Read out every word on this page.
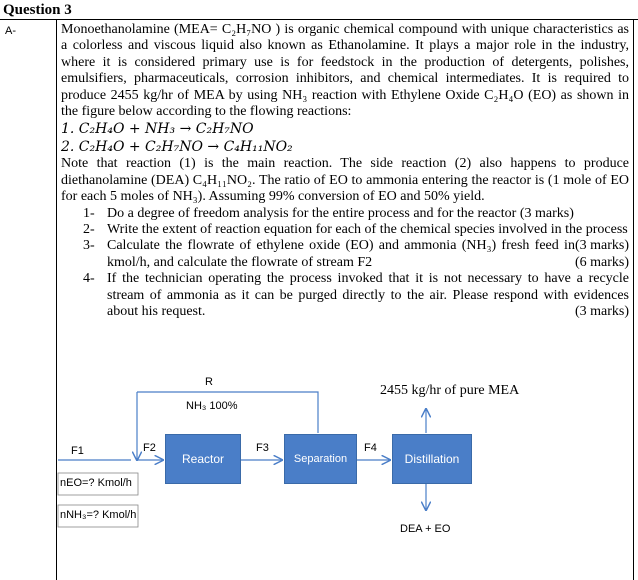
Question 3
A-	Monoethanolamine (MEA= C₂H₇NO ) is organic chemical compound with unique characteristics as a colorless and viscous liquid also known as Ethanolamine. It plays a major role in the industry, where it is considered primary use is for feedstock in the production of detergents, polishes, emulsifiers, pharmaceuticals, corrosion inhibitors, and chemical intermediates. It is required to produce 2455 kg/hr of MEA by using NH₃ reaction with Ethylene Oxide C₂H₄O (EO) as shown in the figure below according to the flowing reactions:

1. C₂H₄O + NH₃ → C₂H₇NO
2. C₂H₄O + C₂H₇NO → C₄H₁₁NO₂

Note that reaction (1) is the main reaction. The side reaction (2) also happens to produce diethanolamine (DEA) C₄H₁₁NO₂. The ratio of EO to ammonia entering the reactor is (1 mole of EO for each 5 moles of NH₃). Assuming 99% conversion of EO and 50% yield.

1- Do a degree of freedom analysis for the entire process and for the reactor (3 marks)
2- Write the extent of reaction equation for each of the chemical species involved in the process
(3 marks)
3- Calculate the flowrate of ethylene oxide (EO) and ammonia (NH₃) fresh feed in kmol/h, and calculate the flowrate of stream F2	(6 marks)
4- If the technician operating the process invoked that it is not necessary to have a recycle stream of ammonia as it can be purged directly to the air. Please respond with evidences about his request.	(3 marks)
R
NH₃ 100%
2455 kg/hr of pure MEA
F1	F2	F3	F4
nEO=? Kmol/h
nNH₃=? Kmol/h
Reactor	Separation	Distillation
DEA + EO
